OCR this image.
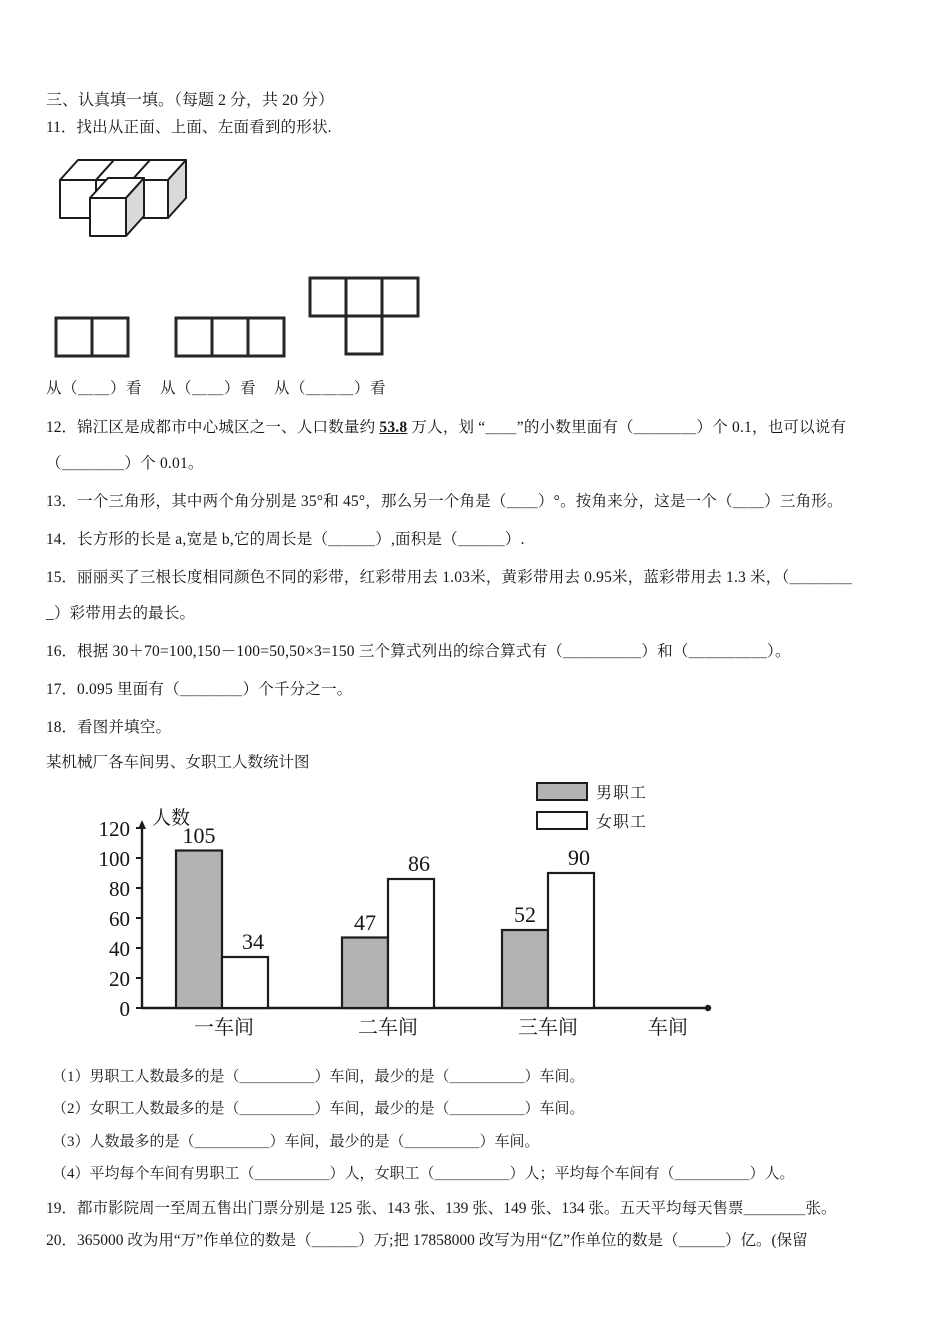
三、认真填一填。（每题 2 分，共 20 分）
11．找出从正面、上面、左面看到的形状.
从（＿＿）看 从（＿＿）看 从（＿＿＿）看
12．锦江区是成都市中心城区之一、人口数量约 53.8 万人，划 “＿＿”的小数里面有（＿＿＿＿）个 0.1，也可以说有
（＿＿＿＿）个 0.01。
13．一个三角形，其中两个角分别是 35°和 45°，那么另一个角是（＿＿）°。按角来分，这是一个（＿＿）三角形。
14．长方形的长是 a,宽是 b,它的周长是（＿＿＿）,面积是（＿＿＿）.
15．丽丽买了三根长度相同颜色不同的彩带，红彩带用去 1.03米，黄彩带用去 0.95米，蓝彩带用去 1.3 米，（＿＿＿＿
_）彩带用去的最长。
16．根据 30＋70=100,150－100=50,50×3=150 三个算式列出的综合算式有（＿＿＿＿＿）和（＿＿＿＿＿）。
17．0.095 里面有（＿＿＿＿）个千分之一。
18．看图并填空。
某机械厂各车间男、女职工人数统计图
男职工
女职工
0
20
40
60
80
100
120 人数
105
34
47
86
52
90
一车间	二车间	三车间	车间
（1）男职工人数最多的是（＿＿＿＿＿）车间，最少的是（＿＿＿＿＿）车间。
（2）女职工人数最多的是（＿＿＿＿＿）车间，最少的是（＿＿＿＿＿）车间。
（3）人数最多的是（＿＿＿＿＿）车间，最少的是（＿＿＿＿＿）车间。
（4）平均每个车间有男职工（＿＿＿＿＿）人，女职工（＿＿＿＿＿）人；平均每个车间有（＿＿＿＿＿）人。
19．都市影院周一至周五售出门票分别是 125 张、143 张、139 张、149 张、134 张。五天平均每天售票＿＿＿＿张。
20．365000 改为用“万”作单位的数是（＿＿＿）万;把 17858000 改写为用“亿”作单位的数是（＿＿＿）亿。(保留
